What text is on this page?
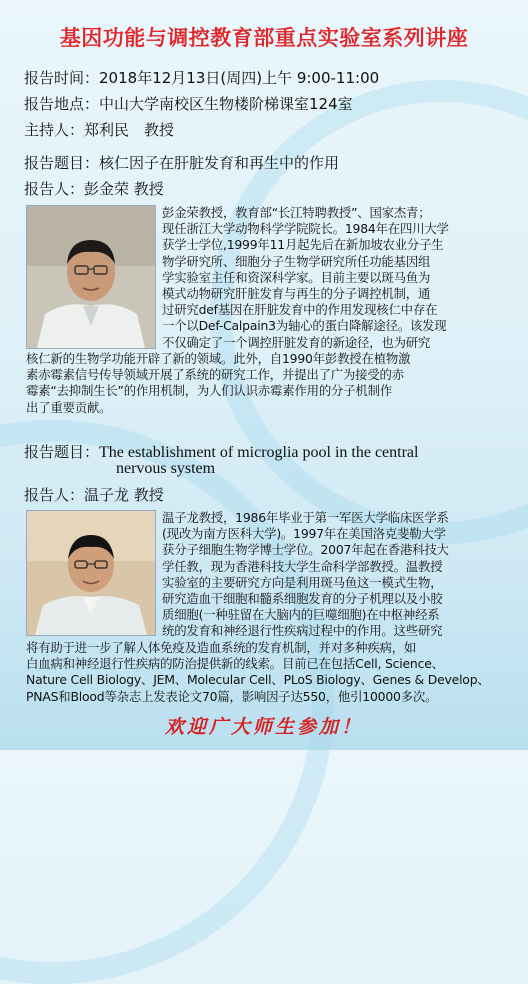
基因功能与调控教育部重点实验室系列讲座
报告时间：2018年12月13日(周四)上午 9:00-11:00
报告地点：中山大学南校区生物楼阶梯课室124室
主持人：郑利民　教授
报告题目：核仁因子在肝脏发育和再生中的作用
报告人：彭金荣 教授
彭金荣教授，教育部“长江特聘教授”、国家杰青；
现任浙江大学动物科学学院院长。1984年在四川大学
获学士学位,1999年11月起先后在新加坡农业分子生
物学研究所、细胞分子生物学研究所任功能基因组
学实验室主任和资深科学家。目前主要以斑马鱼为
模式动物研究肝脏发育与再生的分子调控机制，通
过研究def基因在肝脏发育中的作用发现核仁中存在
一个以Def-Calpain3为轴心的蛋白降解途径。该发现
不仅确定了一个调控肝脏发育的新途径，也为研究
核仁新的生物学功能开辟了新的领域。此外，自1990年彭教授在植物激
素赤霉素信号传导领域开展了系统的研究工作，并提出了广为接受的赤
霉素“去抑制生长”的作用机制，为人们认识赤霉素作用的分子机制作
出了重要贡献。
报告题目：The establishment of microglia pool in the central
nervous system
报告人：温子龙 教授
温子龙教授，1986年毕业于第一军医大学临床医学系
(现改为南方医科大学)。1997年在美国洛克斐勒大学
获分子细胞生物学博士学位。2007年起在香港科技大
学任教，现为香港科技大学生命科学部教授。温教授
实验室的主要研究方向是利用斑马鱼这一模式生物，
研究造血干细胞和髓系细胞发育的分子机理以及小胶
质细胞(一种驻留在大脑内的巨噬细胞)在中枢神经系
统的发育和神经退行性疾病过程中的作用。这些研究
将有助于进一步了解人体免疫及造血系统的发育机制，并对多种疾病，如
白血病和神经退行性疾病的防治提供新的线索。目前已在包括Cell, Science、
Nature Cell Biology、JEM、Molecular Cell、PLoS Biology、Genes & Develop、
PNAS和Blood等杂志上发表论文70篇，影响因子达550，他引10000多次。
欢迎广大师生参加！
